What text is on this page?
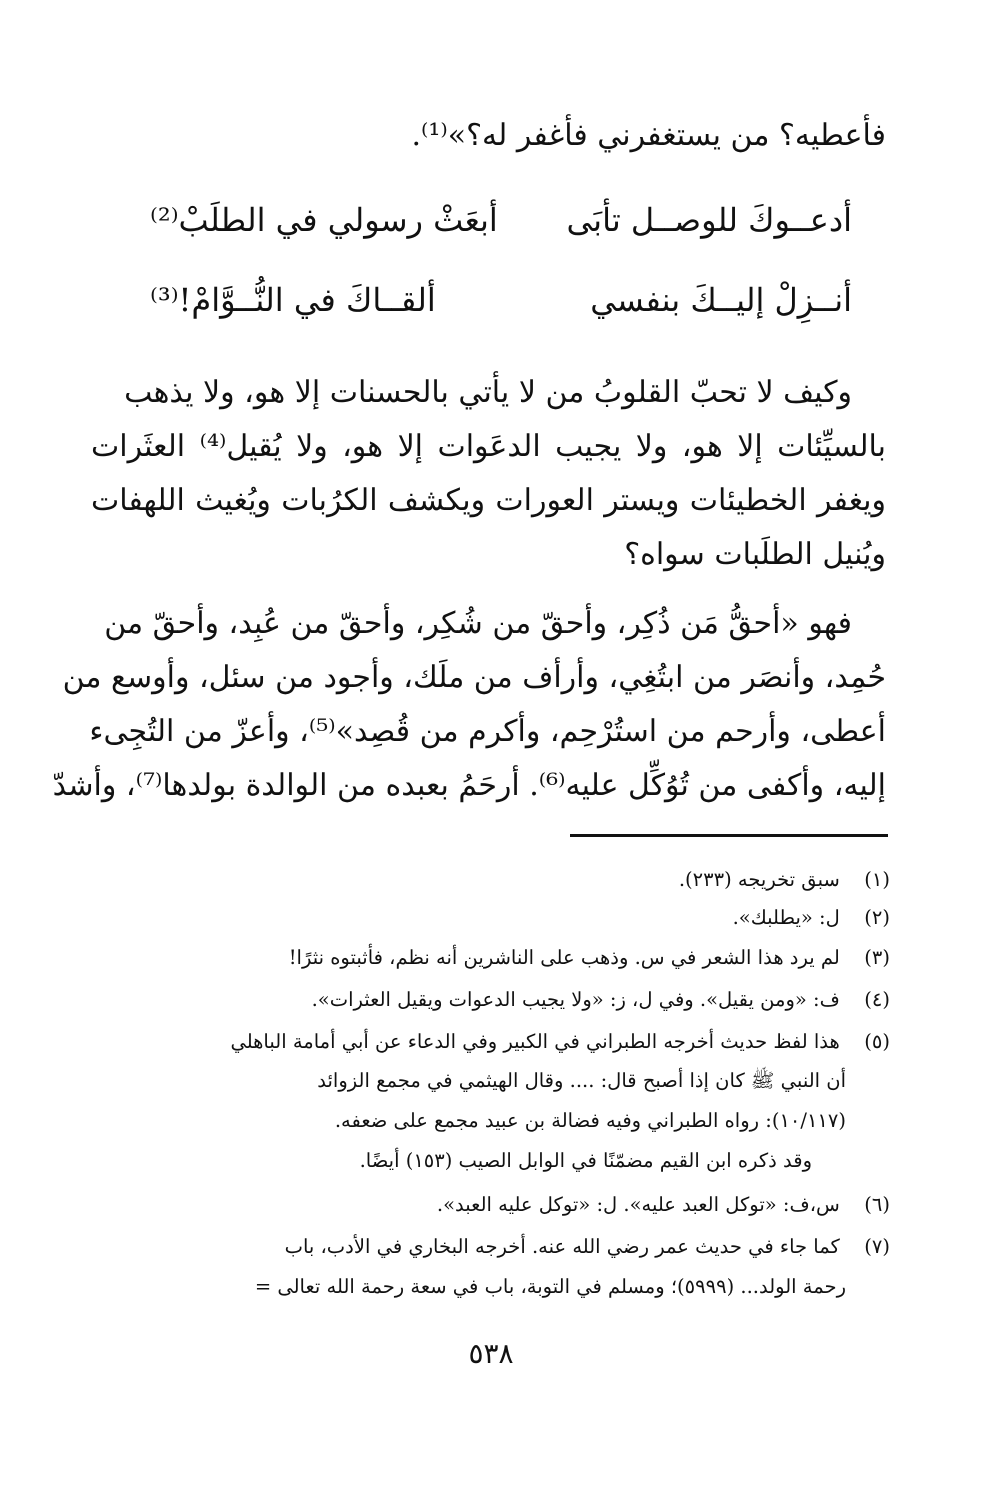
فأعطيه؟ من يستغفرني فأغفر له؟»⁽¹⁾.
أدعــوكَ للوصــل تأبَى
أبعَثْ رسولي في الطلَبْ⁽²⁾
أنــزِلْ إليــكَ بنفسي
ألقــاكَ في النُّــوَّامْ!⁽³⁾
وكيف لا تحبّ القلوبُ من لا يأتي بالحسنات إلا هو، ولا يذهب
بالسيِّئات إلا هو، ولا يجيب الدعَوات إلا هو، ولا يُقيل⁽⁴⁾ العثَرات
ويغفر الخطيئات ويستر العورات ويكشف الكرُبات ويُغيث اللهفات
ويُنيل الطلَبات سواه؟
فهو «أحقُّ مَن ذُكِر، وأحقّ من شُكِر، وأحقّ من عُبِد، وأحقّ من
حُمِد، وأنصَر من ابتُغِي، وأرأف من ملَك، وأجود من سئل، وأوسع من
أعطى، وأرحم من استُرْحِم، وأكرم من قُصِد»⁽⁵⁾، وأعزّ من التُجِىء
إليه، وأكفى من تُوُكِّل عليه⁽⁶⁾. أرحَمُ بعبده من الوالدة بولدها⁽⁷⁾، وأشدّ
(١) سبق تخريجه (٢٣٣).
(٢) ل: «يطلبك».
(٣) لم يرد هذا الشعر في س. وذهب على الناشرين أنه نظم، فأثبتوه نثرًا!
(٤) ف: «ومن يقيل». وفي ل، ز: «ولا يجيب الدعوات ويقيل العثرات».
(٥) هذا لفظ حديث أخرجه الطبراني في الكبير وفي الدعاء عن أبي أمامة الباهلي
أن النبي ﷺ كان إذا أصبح قال: .... وقال الهيثمي في مجمع الزوائد
(١٠/١١٧): رواه الطبراني وفيه فضالة بن عبيد مجمع على ضعفه.
وقد ذكره ابن القيم مضمّنًا في الوابل الصيب (١٥٣) أيضًا.
(٦) س،ف: «توكل العبد عليه». ل: «توكل عليه العبد».
(٧) كما جاء في حديث عمر رضي الله عنه. أخرجه البخاري في الأدب، باب
رحمة الولد... (٥٩٩٩)؛ ومسلم في التوبة، باب في سعة رحمة الله تعالى =
٥٣٨
